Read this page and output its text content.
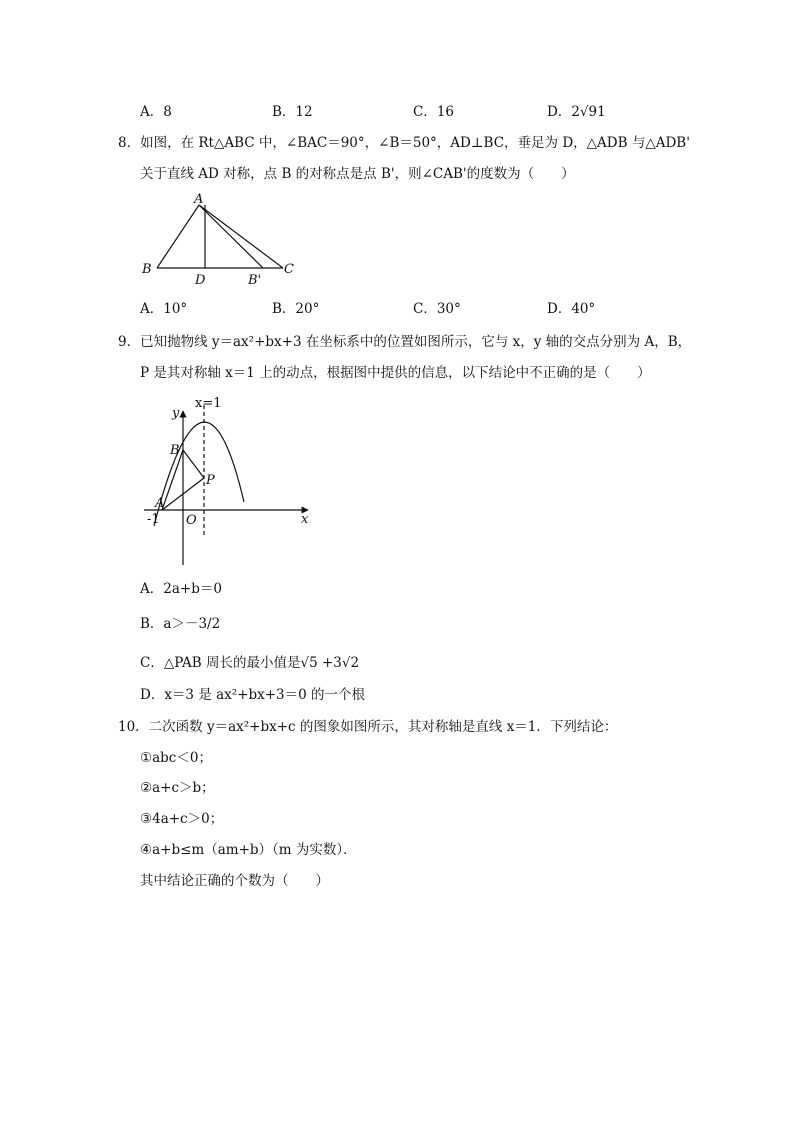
A．8	B．12	C．16	D．2√91
8．如图，在 Rt△ABC 中，∠BAC＝90°，∠B＝50°，AD⊥BC，垂足为 D，△ADB 与△ADB'
关于直线 AD 对称，点 B 的对称点是点 B'，则∠CAB'的度数为（　　）
A
B
D	B'
C
A．10°	B．20°	C．30°	D．40°
9．已知抛物线 y＝ax²+bx+3 在坐标系中的位置如图所示，它与 x，y 轴的交点分别为 A，B，
P 是其对称轴 x＝1 上的动点，根据图中提供的信息，以下结论中不正确的是（　　）
x=1
y
B
P
A
-1 O	x
A．2a+b＝0
B．a＞－3/2
C．△PAB 周长的最小值是√5 +3√2
D．x＝3 是 ax²+bx+3＝0 的一个根
10．二次函数 y＝ax²+bx+c 的图象如图所示，其对称轴是直线 x＝1．下列结论：
①abc＜0；
②a+c＞b；
③4a+c＞0；
④a+b≤m（am+b）（m 为实数）．
其中结论正确的个数为（　　）
